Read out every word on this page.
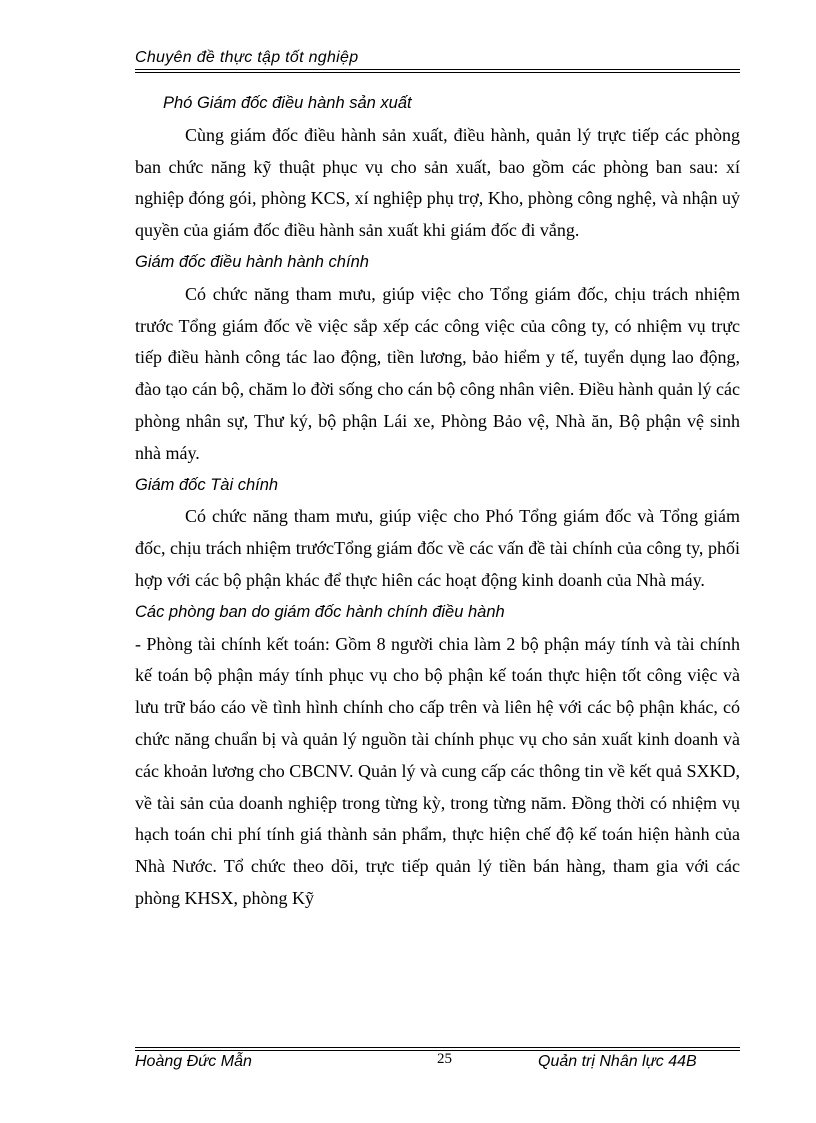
Chuyên đề thực tập tốt nghiệp

Phó Giám đốc điều hành sản xuất

Cùng giám đốc điều hành sản xuất, điều hành, quản lý trực tiếp các phòng ban chức năng kỹ thuật phục vụ cho sản xuất, bao gồm các phòng ban sau: xí nghiệp đóng gói, phòng KCS, xí nghiệp phụ trợ, Kho, phòng công nghệ, và nhận uỷ quyền của giám đốc điều hành sản xuất khi giám đốc đi vắng.

Giám đốc điều hành hành chính

Có chức năng tham mưu, giúp việc cho Tổng giám đốc, chịu trách nhiệm trước Tổng giám đốc về việc sắp xếp các công việc của công ty, có nhiệm vụ trực tiếp điều hành công tác lao động, tiền lương, bảo hiểm y tế, tuyển dụng lao động, đào tạo cán bộ, chăm lo đời sống cho cán bộ công nhân viên. Điều hành quản lý các phòng nhân sự, Thư ký, bộ phận Lái xe, Phòng Bảo vệ, Nhà ăn, Bộ phận vệ sinh nhà máy.

Giám đốc Tài chính

Có chức năng tham mưu, giúp việc cho Phó Tổng giám đốc và Tổng giám đốc, chịu trách nhiệm trướcTổng giám đốc về các vấn đề tài chính của công ty, phối hợp với các bộ phận khác để thực hiên các hoạt động kinh doanh của Nhà máy.

Các phòng ban do giám đốc hành chính điều hành

- Phòng tài chính kết toán: Gồm 8 người chia làm 2 bộ phận máy tính và tài chính kế toán bộ phận máy tính phục vụ cho bộ phận kế toán thực hiện tốt công việc và lưu trữ báo cáo về tình hình chính cho cấp trên và liên hệ với các bộ phận khác, có chức năng chuẩn bị và quản lý nguồn tài chính phục vụ cho sản xuất kinh doanh và các khoản lương cho CBCNV. Quản lý và cung cấp các thông tin về kết quả SXKD, về tài sản của doanh nghiệp trong từng kỳ, trong từng năm. Đồng thời có nhiệm vụ hạch toán chi phí tính giá thành sản phẩm, thực hiện chế độ kế toán hiện hành của Nhà Nước. Tổ chức theo dõi, trực tiếp quản lý tiền bán hàng, tham gia với các phòng KHSX, phòng Kỹ

Hoàng Đức Mẫn	25	Quản trị Nhân lực 44B
